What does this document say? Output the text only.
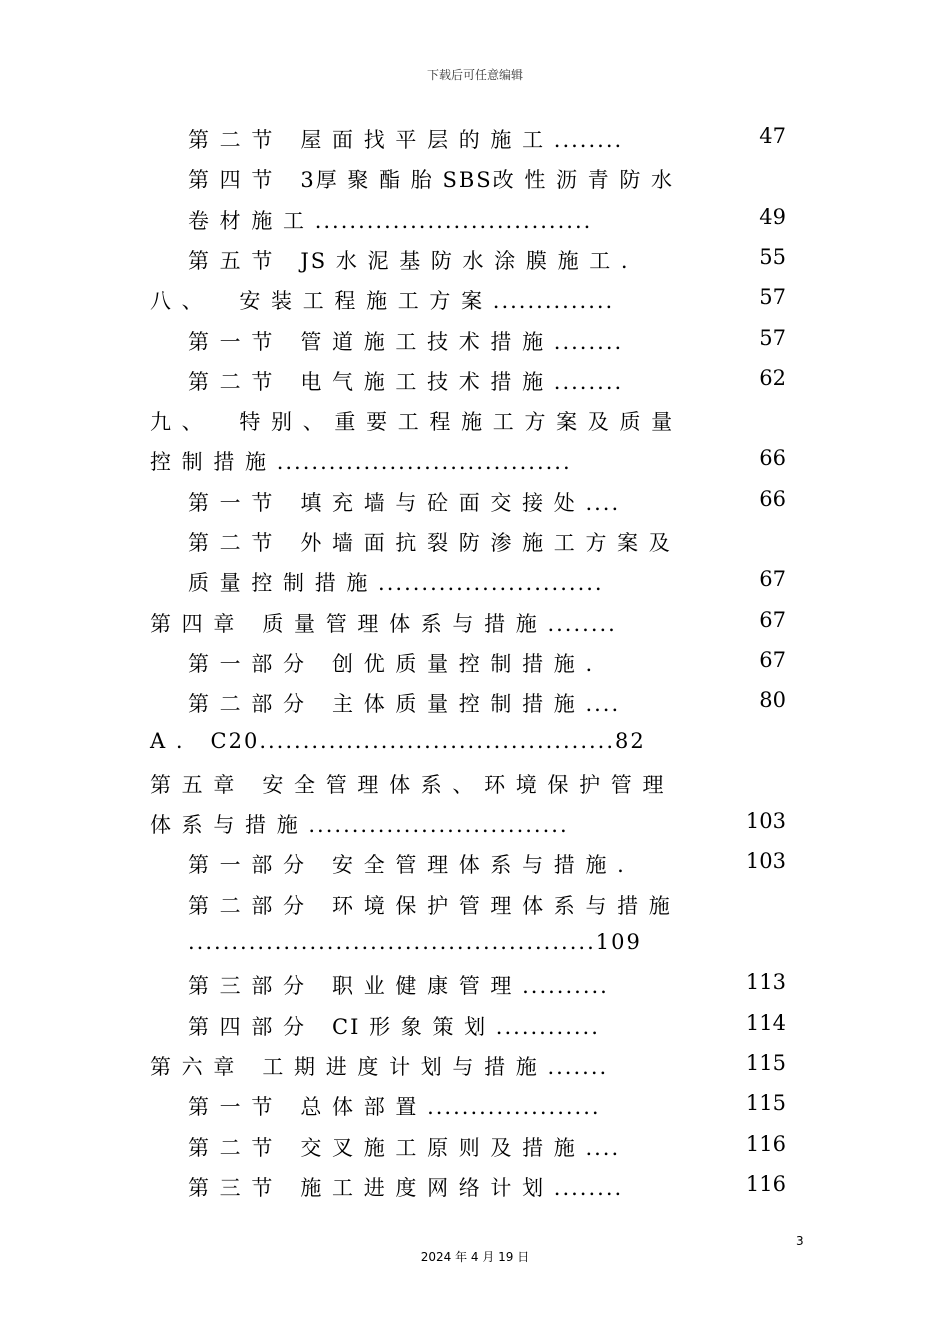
下载后可任意编辑
第 二 节   屋 面 找 平 层 的 施 工 ........	47
第 四 节   3厚 聚 酯 胎 SBS改 性 沥 青 防 水
卷 材 施 工 ................................	49
第 五 节   JS 水 泥 基 防 水 涂 膜 施 工 .	55
八 、    安 装 工 程 施 工 方 案 ..............	57
第 一 节   管 道 施 工 技 术 措 施 ........	57
第 二 节   电 气 施 工 技 术 措 施 ........	62
九 、    特 别 、 重 要 工 程 施 工 方 案 及 质 量
控 制 措 施 ..................................	66
第 一 节   填 充 墙 与 砼 面 交 接 处 ....	66
第 二 节   外 墙 面 抗 裂 防 渗 施 工 方 案 及
质 量 控 制 措 施 ..........................	67
第 四 章   质 量 管 理 体 系 与 措 施 ........	67
第 一 部 分   创 优 质 量 控 制 措 施 .	67
第 二 部 分   主 体 质 量 控 制 措 施 ....	80
A .   C20.........................................82
第 五 章   安 全 管 理 体 系 、 环 境 保 护 管 理
体 系 与 措 施 ..............................	103
第 一 部 分   安 全 管 理 体 系 与 措 施 .	103
第 二 部 分   环 境 保 护 管 理 体 系 与 措 施
...............................................109
第 三 部 分   职 业 健 康 管 理 ..........	113
第 四 部 分   CI 形 象 策 划 ............	114
第 六 章   工 期 进 度 计 划 与 措 施 .......	115
第 一 节   总 体 部 置 ....................	115
第 二 节   交 叉 施 工 原 则 及 措 施 ....	116
第 三 节   施 工 进 度 网 络 计 划 ........	116
3
2024 年 4 月 19 日
